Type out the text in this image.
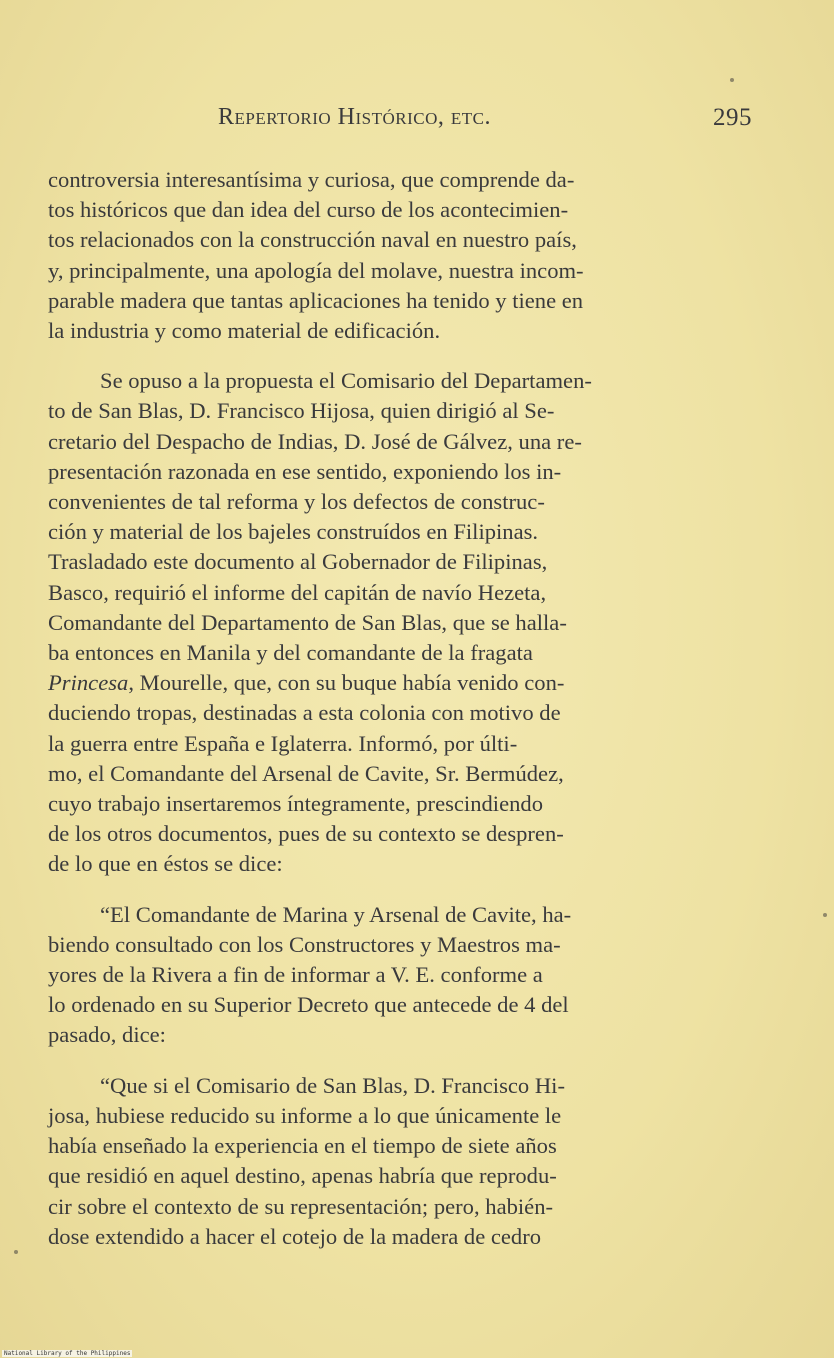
Repertorio Histórico, etc.	295
controversia interesantísima y curiosa, que comprende da-
tos históricos que dan idea del curso de los acontecimien-
tos relacionados con la construcción naval en nuestro país,
y, principalmente, una apología del molave, nuestra incom-
parable madera que tantas aplicaciones ha tenido y tiene en
la industria y como material de edificación.
Se opuso a la propuesta el Comisario del Departamen-
to de San Blas, D. Francisco Hijosa, quien dirigió al Se-
cretario del Despacho de Indias, D. José de Gálvez, una re-
presentación razonada en ese sentido, exponiendo los in-
convenientes de tal reforma y los defectos de construc-
ción y material de los bajeles construídos en Filipinas.
Trasladado este documento al Gobernador de Filipinas,
Basco, requirió el informe del capitán de navío Hezeta,
Comandante del Departamento de San Blas, que se halla-
ba entonces en Manila y del comandante de la fragata
Princesa, Mourelle, que, con su buque había venido con-
duciendo tropas, destinadas a esta colonia con motivo de
la guerra entre España e Iglaterra. Informó, por últi-
mo, el Comandante del Arsenal de Cavite, Sr. Bermúdez,
cuyo trabajo insertaremos íntegramente, prescindiendo
de los otros documentos, pues de su contexto se despren-
de lo que en éstos se dice:
“El Comandante de Marina y Arsenal de Cavite, ha-
biendo consultado con los Constructores y Maestros ma-
yores de la Rivera a fin de informar a V. E. conforme a
lo ordenado en su Superior Decreto que antecede de 4 del
pasado, dice:
“Que si el Comisario de San Blas, D. Francisco Hi-
josa, hubiese reducido su informe a lo que únicamente le
había enseñado la experiencia en el tiempo de siete años
que residió en aquel destino, apenas habría que reprodu-
cir sobre el contexto de su representación; pero, habién-
dose extendido a hacer el cotejo de la madera de cedro
National Library of the Philippines
